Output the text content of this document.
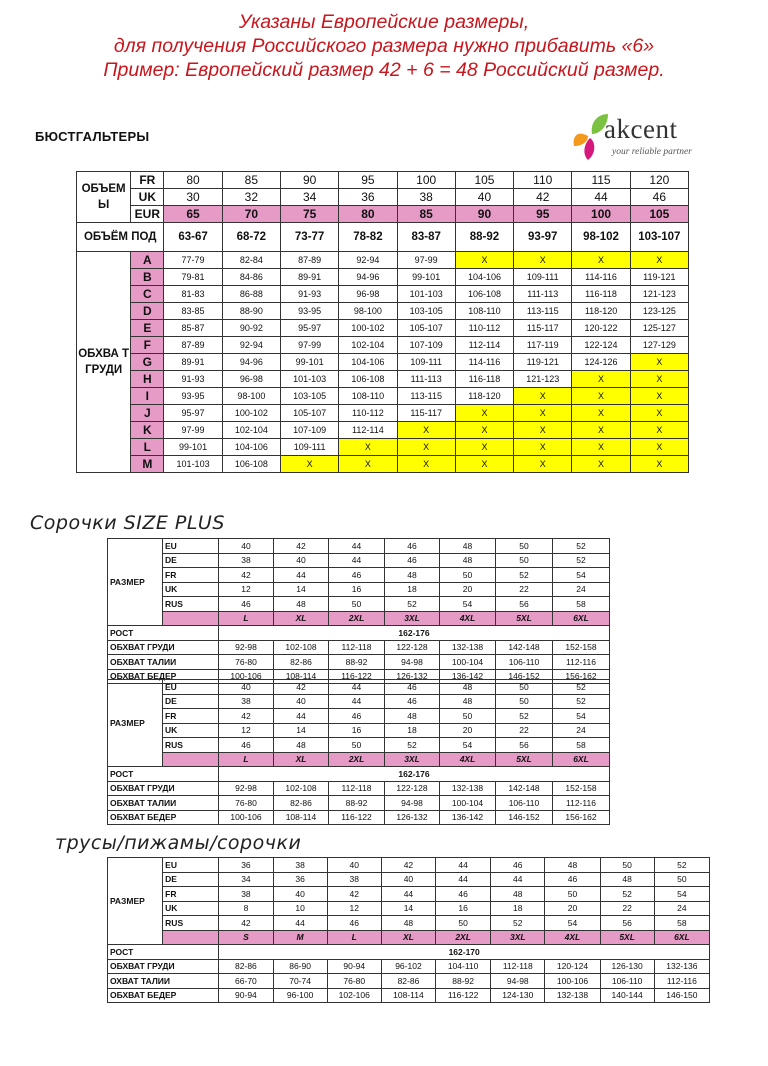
Указаны Европейские размеры,
для получения Российского размера нужно прибавить «6»
Пример: Европейский размер 42 + 6 = 48 Российский размер.
БЮСТГАЛЬТЕРЫ	akcent
your reliable partner
ОБЪЕМ Ы	FR	80	85	90	95	100	105	110	115	120
	UK	30	32	34	36	38	40	42	44	46
	EUR	65	70	75	80	85	90	95	100	105
ОБЪЁМ ПОД		63-67	68-72	73-77	78-82	83-87	88-92	93-97	98-102	103-107
ОБХВА Т ГРУДИ	A	77-79	82-84	87-89	92-94	97-99	X	X	X	X
	B	79-81	84-86	89-91	94-96	99-101	104-106	109-111	114-116	119-121
	C	81-83	86-88	91-93	96-98	101-103	106-108	111-113	116-118	121-123
	D	83-85	88-90	93-95	98-100	103-105	108-110	113-115	118-120	123-125
	E	85-87	90-92	95-97	100-102	105-107	110-112	115-117	120-122	125-127
	F	87-89	92-94	97-99	102-104	107-109	112-114	117-119	122-124	127-129
	G	89-91	94-96	99-101	104-106	109-111	114-116	119-121	124-126	X
	H	91-93	96-98	101-103	106-108	111-113	116-118	121-123	X	X
	I	93-95	98-100	103-105	108-110	113-115	118-120	X	X	X
	J	95-97	100-102	105-107	110-112	115-117	X	X	X	X
	K	97-99	102-104	107-109	112-114	X	X	X	X	X
	L	99-101	104-106	109-111	X	X	X	X	X	X
	M	101-103	106-108	X	X	X	X	X	X	X
Сорочки SIZE PLUS
РАЗМЕР	EU	40	42	44	46	48	50	52
	DE	38	40	44	46	48	50	52
	FR	42	44	46	48	50	52	54
	UK	12	14	16	18	20	22	24
	RUS	46	48	50	52	54	56	58
		L	XL	2XL	3XL	4XL	5XL	6XL
РОСТ		162-176						
ОБХВАТ ГРУДИ		92-98	102-108	112-118	122-128	132-138	142-148	152-158
ОБХВАТ ТАЛИИ		76-80	82-86	88-92	94-98	100-104	106-110	112-116
ОБХВАТ БЕДЕР		100-106	108-114	116-122	126-132	136-142	146-152	156-162
РАЗМЕР	EU	40	42	44	46	48	50	52
	DE	38	40	44	46	48	50	52
	FR	42	44	46	48	50	52	54
	UK	12	14	16	18	20	22	24
	RUS	46	48	50	52	54	56	58
		L	XL	2XL	3XL	4XL	5XL	6XL
РОСТ		162-176						
ОБХВАТ ГРУДИ		92-98	102-108	112-118	122-128	132-138	142-148	152-158
ОБХВАТ ТАЛИИ		76-80	82-86	88-92	94-98	100-104	106-110	112-116
ОБХВАТ БЕДЕР		100-106	108-114	116-122	126-132	136-142	146-152	156-162
трусы/пижамы/сорочки
РАЗМЕР	EU	36	38	40	42	44	46	48	50	52
	DE	34	36	38	40	44	44	46	48	50
	FR	38	40	42	44	46	48	50	52	54
	UK	8	10	12	14	16	18	20	22	24
	RUS	42	44	46	48	50	52	54	56	58
		S	M	L	XL	2XL	3XL	4XL	5XL	6XL
РОСТ		162-170								
ОБХВАТ ГРУДИ		82-86	86-90	90-94	96-102	104-110	112-118	120-124	126-130	132-136
ОХВАТ ТАЛИИ		66-70	70-74	76-80	82-86	88-92	94-98	100-106	106-110	112-116
ОБХВАТ БЕДЕР		90-94	96-100	102-106	108-114	116-122	124-130	132-138	140-144	146-150
